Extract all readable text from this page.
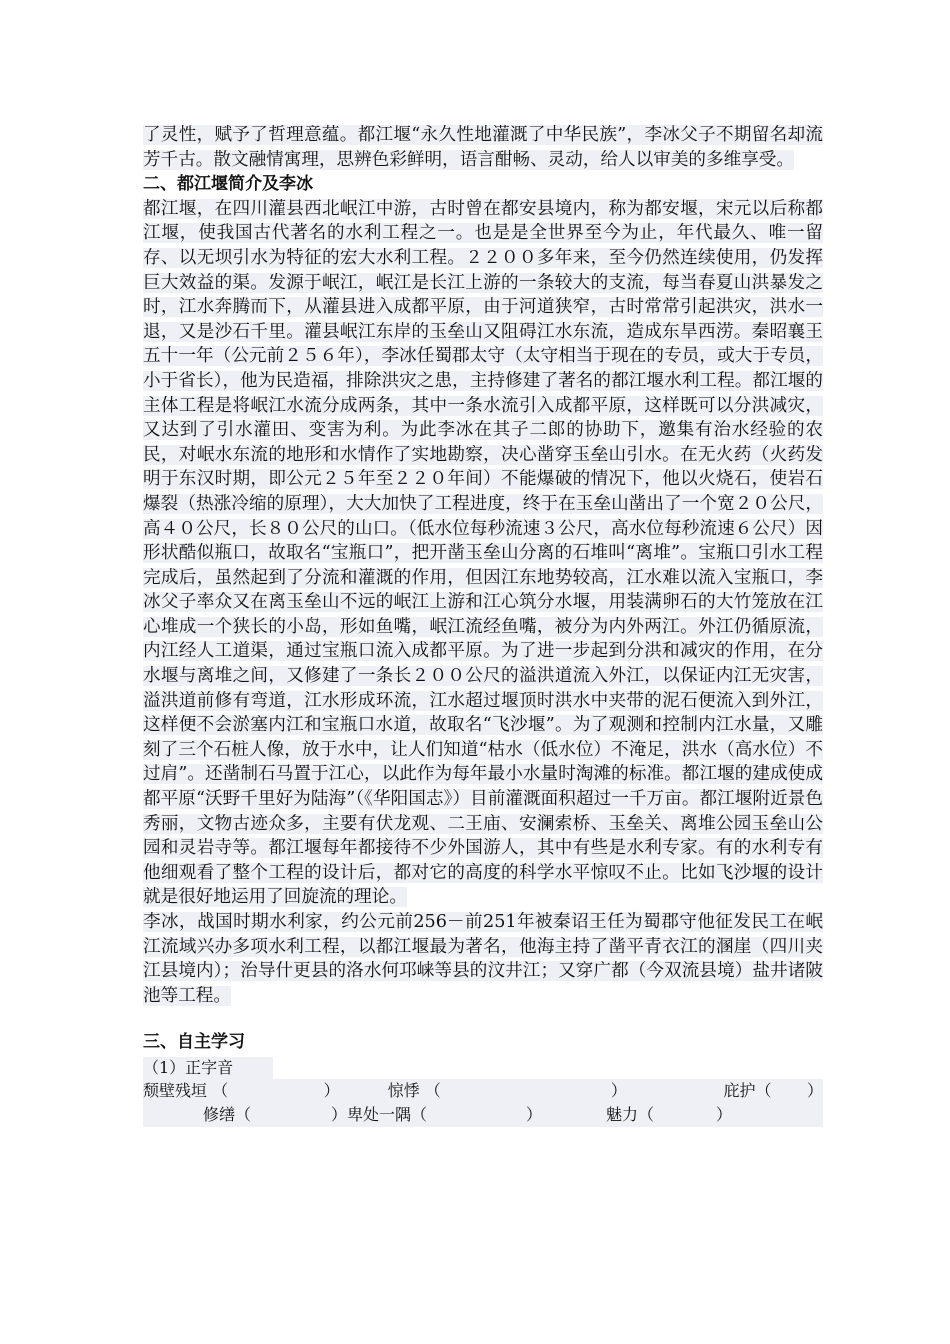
了灵性，赋予了哲理意蕴。都江堰“永久性地灌溉了中华民族”，李冰父子不期留名却流芳千古。散文融情寓理，思辨色彩鲜明，语言酣畅、灵动，给人以审美的多维享受。

二、都江堰简介及李冰

都江堰，在四川灌县西北岷江中游，古时曾在都安县境内，称为都安堰，宋元以后称都江堰，使我国古代著名的水利工程之一。也是是全世界至今为止，年代最久、唯一留存、以无坝引水为特征的宏大水利工程。２２００多年来，至今仍然连续使用，仍发挥巨大效益的渠。发源于岷江，岷江是长江上游的一条较大的支流，每当春夏山洪暴发之时，江水奔腾而下，从灌县进入成都平原，由于河道狭窄，古时常常引起洪灾，洪水一退，又是沙石千里。灌县岷江东岸的玉垒山又阻碍江水东流，造成东旱西涝。秦昭襄王五十一年（公元前２５６年），李冰任蜀郡太守（太守相当于现在的专员，或大于专员，小于省长），他为民造福，排除洪灾之患，主持修建了著名的都江堰水利工程。都江堰的主体工程是将岷江水流分成两条，其中一条水流引入成都平原，这样既可以分洪减灾，又达到了引水灌田、变害为利。为此李冰在其子二郎的协助下，邀集有治水经验的农民，对岷水东流的地形和水情作了实地勘察，决心凿穿玉垒山引水。在无火药（火药发明于东汉时期，即公元２５年至２２０年间）不能爆破的情况下，他以火烧石，使岩石爆裂（热涨冷缩的原理），大大加快了工程进度，终于在玉垒山凿出了一个宽２０公尺，高４０公尺，长８０公尺的山口。（低水位每秒流速３公尺，高水位每秒流速６公尺）因形状酷似瓶口，故取名“宝瓶口”，把开凿玉垒山分离的石堆叫“离堆”。宝瓶口引水工程完成后，虽然起到了分流和灌溉的作用，但因江东地势较高，江水难以流入宝瓶口，李冰父子率众又在离玉垒山不远的岷江上游和江心筑分水堰，用装满卵石的大竹笼放在江心堆成一个狭长的小岛，形如鱼嘴，岷江流经鱼嘴，被分为内外两江。外江仍循原流，内江经人工道渠，通过宝瓶口流入成都平原。为了进一步起到分洪和减灾的作用，在分水堰与离堆之间，又修建了一条长２００公尺的溢洪道流入外江，以保证内江无灾害，溢洪道前修有弯道，江水形成环流，江水超过堰顶时洪水中夹带的泥石便流入到外江，这样便不会淤塞内江和宝瓶口水道，故取名“飞沙堰”。为了观测和控制内江水量，又雕刻了三个石桩人像，放于水中，让人们知道“枯水（低水位）不淹足，洪水（高水位）不过肩”。还凿制石马置于江心，以此作为每年最小水量时淘滩的标准。都江堰的建成使成都平原“沃野千里好为陆海”（《华阳国志》）目前灌溉面积超过一千万亩。都江堰附近景色秀丽，文物古迹众多，主要有伏龙观、二王庙、安澜索桥、玉垒关、离堆公园玉垒山公园和灵岩寺等。都江堰每年都接待不少外国游人，其中有些是水利专家。有的水利专有他细观看了整个工程的设计后，都对它的高度的科学水平惊叹不止。比如飞沙堰的设计就是很好地运用了回旋流的理论。

李冰，战国时期水利家，约公元前256－前251年被秦诏王任为蜀郡守他征发民工在岷江流域兴办多项水利工程，以都江堰最为著名，他海主持了凿平青衣江的溷崖（四川夹江县境内）；治导什更县的洛水何邛崃等县的汶井江；又穿广都（今双流县境）盐井诸陂池等工程。

三、自主学习

（1）正字音
颓壁残垣 （	）	惊悸 （	）	庇护（	）
修缮（	）卑处一隅（	）	魅力（	）
